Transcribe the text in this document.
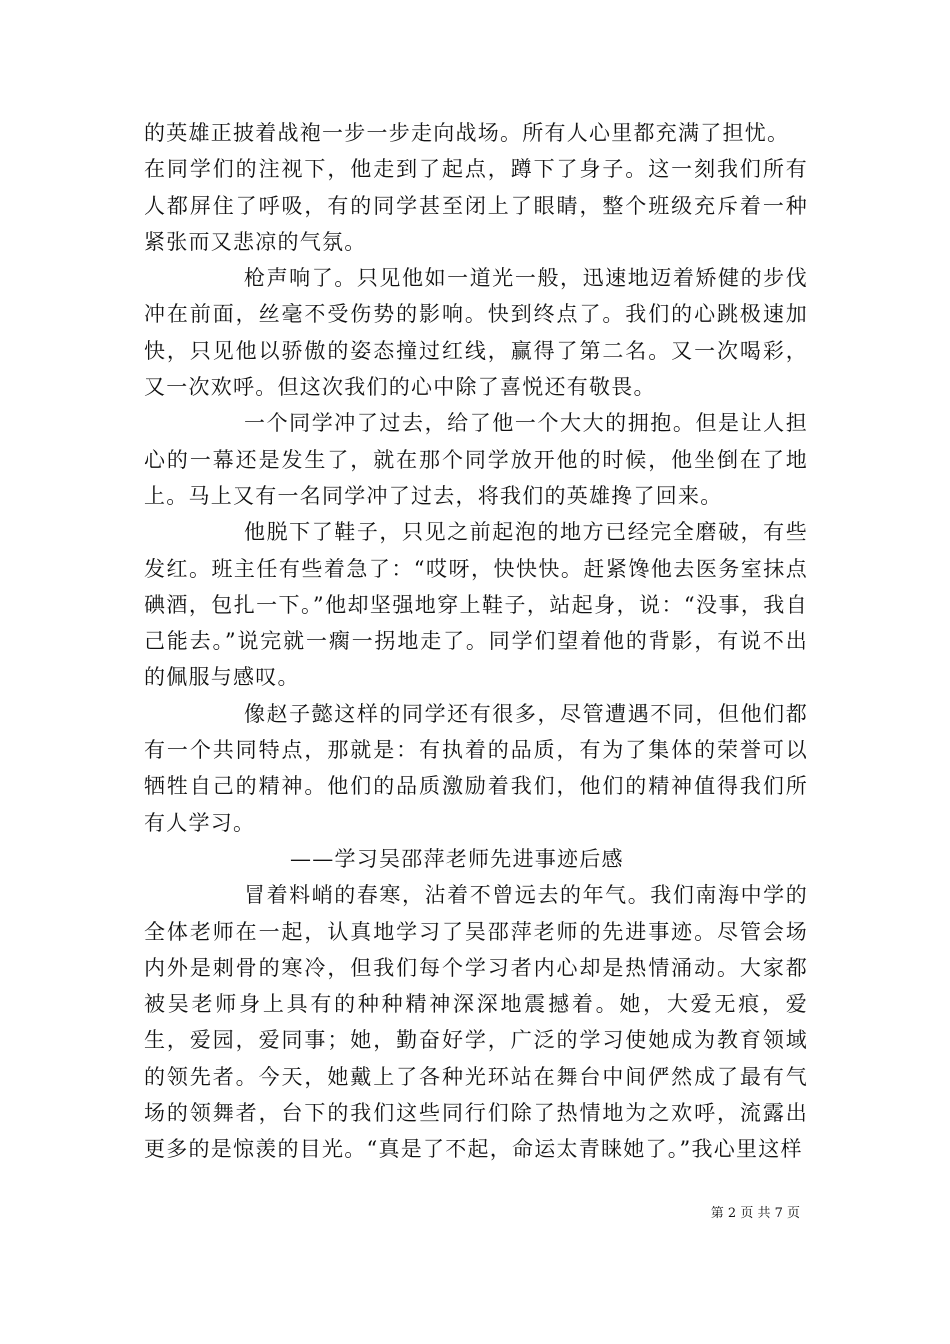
的英雄正披着战袍一步一步走向战场。所有人心里都充满了担忧。

在同学们的注视下，他走到了起点，蹲下了身子。这一刻我们所有人都屏住了呼吸，有的同学甚至闭上了眼睛，整个班级充斥着一种紧张而又悲凉的气氛。

枪声响了。只见他如一道光一般，迅速地迈着矫健的步伐冲在前面，丝毫不受伤势的影响。快到终点了。我们的心跳极速加快，只见他以骄傲的姿态撞过红线，赢得了第二名。又一次喝彩，又一次欢呼。但这次我们的心中除了喜悦还有敬畏。

一个同学冲了过去，给了他一个大大的拥抱。但是让人担心的一幕还是发生了，就在那个同学放开他的时候，他坐倒在了地上。马上又有一名同学冲了过去，将我们的英雄搀了回来。

他脱下了鞋子，只见之前起泡的地方已经完全磨破，有些发红。班主任有些着急了：“哎呀，快快快。赶紧馋他去医务室抹点碘酒，包扎一下。”他却坚强地穿上鞋子，站起身，说：“没事，我自己能去。”说完就一瘸一拐地走了。同学们望着他的背影，有说不出的佩服与感叹。

像赵子懿这样的同学还有很多，尽管遭遇不同，但他们都有一个共同特点，那就是：有执着的品质，有为了集体的荣誉可以牺牲自己的精神。他们的品质激励着我们，他们的精神值得我们所有人学习。

——学习吴邵萍老师先进事迹后感

冒着料峭的春寒，沾着不曾远去的年气。我们南海中学的全体老师在一起，认真地学习了吴邵萍老师的先进事迹。尽管会场内外是刺骨的寒冷，但我们每个学习者内心却是热情涌动。大家都被吴老师身上具有的种种精神深深地震撼着。她，大爱无痕，爱生，爱园，爱同事；她，勤奋好学，广泛的学习使她成为教育领域的领先者。今天，她戴上了各种光环站在舞台中间俨然成了最有气场的领舞者，台下的我们这些同行们除了热情地为之欢呼，流露出更多的是惊羡的目光。“真是了不起，命运太青睐她了。”我心里这样

第 2 页 共 7 页
